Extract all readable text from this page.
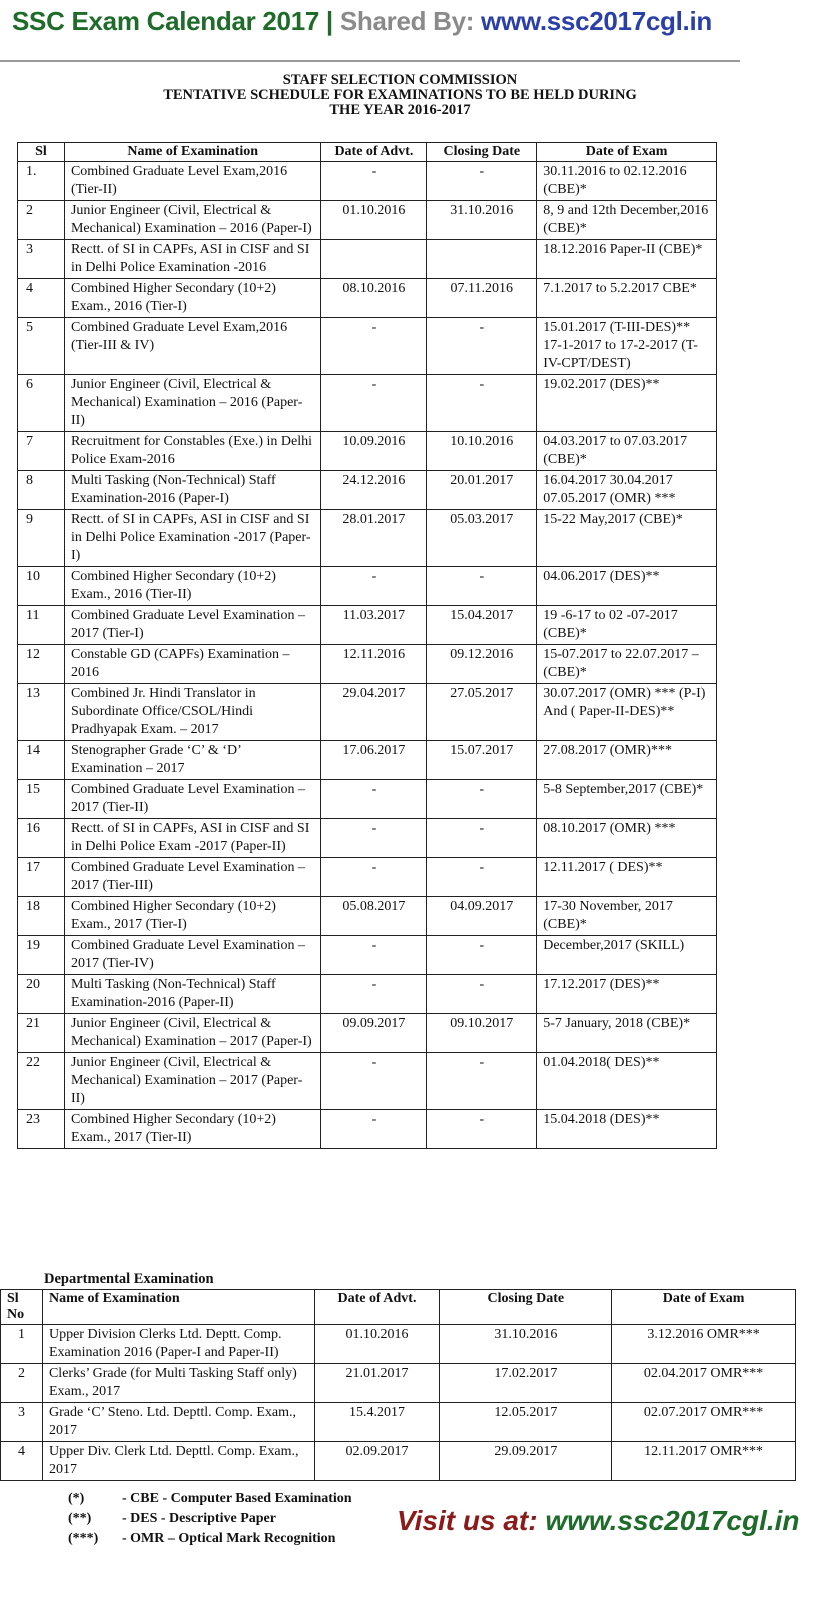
SSC Exam Calendar 2017 | Shared By: www.ssc2017cgl.in
STAFF SELECTION COMMISSION
TENTATIVE SCHEDULE FOR EXAMINATIONS TO BE HELD DURING
THE YEAR 2016-2017
Sl	Name of Examination	Date of Advt.	Closing Date	Date of Exam
1.	Combined Graduate Level Exam,2016 (Tier-II)	-	-	30.11.2016 to 02.12.2016 (CBE)*
2	Junior Engineer (Civil, Electrical & Mechanical) Examination – 2016 (Paper-I)	01.10.2016	31.10.2016	8, 9 and 12th December,2016 (CBE)*
3	Rectt. of SI in CAPFs, ASI in CISF and SI in Delhi Police Examination -2016			18.12.2016 Paper-II (CBE)*
4	Combined Higher Secondary (10+2) Exam., 2016 (Tier-I)	08.10.2016	07.11.2016	7.1.2017 to 5.2.2017 CBE*
5	Combined Graduate Level Exam,2016 (Tier-III & IV)	-	-	15.01.2017 (T-III-DES)** 17-1-2017 to 17-2-2017 (T-IV-CPT/DEST)
6	Junior Engineer (Civil, Electrical & Mechanical) Examination – 2016 (Paper-II)	-	-	19.02.2017 (DES)**
7	Recruitment for Constables (Exe.) in Delhi Police Exam-2016	10.09.2016	10.10.2016	04.03.2017 to 07.03.2017 (CBE)*
8	Multi Tasking (Non-Technical) Staff Examination-2016 (Paper-I)	24.12.2016	20.01.2017	16.04.2017 30.04.2017 07.05.2017 (OMR) ***
9	Rectt. of SI in CAPFs, ASI in CISF and SI in Delhi Police Examination -2017 (Paper-I)	28.01.2017	05.03.2017	15-22 May,2017 (CBE)*
10	Combined Higher Secondary (10+2) Exam., 2016 (Tier-II)	-	-	04.06.2017 (DES)**
11	Combined Graduate Level Examination – 2017 (Tier-I)	11.03.2017	15.04.2017	19 -6-17 to 02 -07-2017 (CBE)*
12	Constable GD (CAPFs) Examination – 2016	12.11.2016	09.12.2016	15-07.2017 to 22.07.2017 – (CBE)*
13	Combined Jr. Hindi Translator in Subordinate Office/CSOL/Hindi Pradhyapak Exam. – 2017	29.04.2017	27.05.2017	30.07.2017 (OMR) *** (P-I) And ( Paper-II-DES)**
14	Stenographer Grade ‘C’ & ‘D’ Examination – 2017	17.06.2017	15.07.2017	27.08.2017 (OMR)***
15	Combined Graduate Level Examination – 2017 (Tier-II)	-	-	5-8 September,2017 (CBE)*
16	Rectt. of SI in CAPFs, ASI in CISF and SI in Delhi Police Exam -2017 (Paper-II)	-	-	08.10.2017 (OMR) ***
17	Combined Graduate Level Examination – 2017 (Tier-III)	-	-	12.11.2017 ( DES)**
18	Combined Higher Secondary (10+2) Exam., 2017 (Tier-I)	05.08.2017	04.09.2017	17-30 November, 2017 (CBE)*
19	Combined Graduate Level Examination – 2017 (Tier-IV)	-	-	December,2017 (SKILL)
20	Multi Tasking (Non-Technical) Staff Examination-2016 (Paper-II)	-	-	17.12.2017 (DES)**
21	Junior Engineer (Civil, Electrical & Mechanical) Examination – 2017 (Paper-I)	09.09.2017	09.10.2017	5-7 January, 2018 (CBE)*
22	Junior Engineer (Civil, Electrical & Mechanical) Examination – 2017 (Paper-II)	-	-	01.04.2018( DES)**
23	Combined Higher Secondary (10+2) Exam., 2017 (Tier-II)	-	-	15.04.2018 (DES)**
Departmental Examination
Sl No	Name of Examination	Date of Advt.	Closing Date	Date of Exam
1	Upper Division Clerks Ltd. Deptt. Comp. Examination 2016 (Paper-I and Paper-II)	01.10.2016	31.10.2016	3.12.2016 OMR***
2	Clerks’ Grade (for Multi Tasking Staff only) Exam., 2017	21.01.2017	17.02.2017	02.04.2017 OMR***
3	Grade ‘C’ Steno. Ltd. Depttl. Comp. Exam., 2017	15.4.2017	12.05.2017	02.07.2017 OMR***
4	Upper Div. Clerk Ltd. Depttl. Comp. Exam., 2017	02.09.2017	29.09.2017	12.11.2017 OMR***
(*)	- CBE - Computer Based Examination
(**) - DES - Descriptive Paper
(***) - OMR – Optical Mark Recognition
Visit us at: www.ssc2017cgl.in
